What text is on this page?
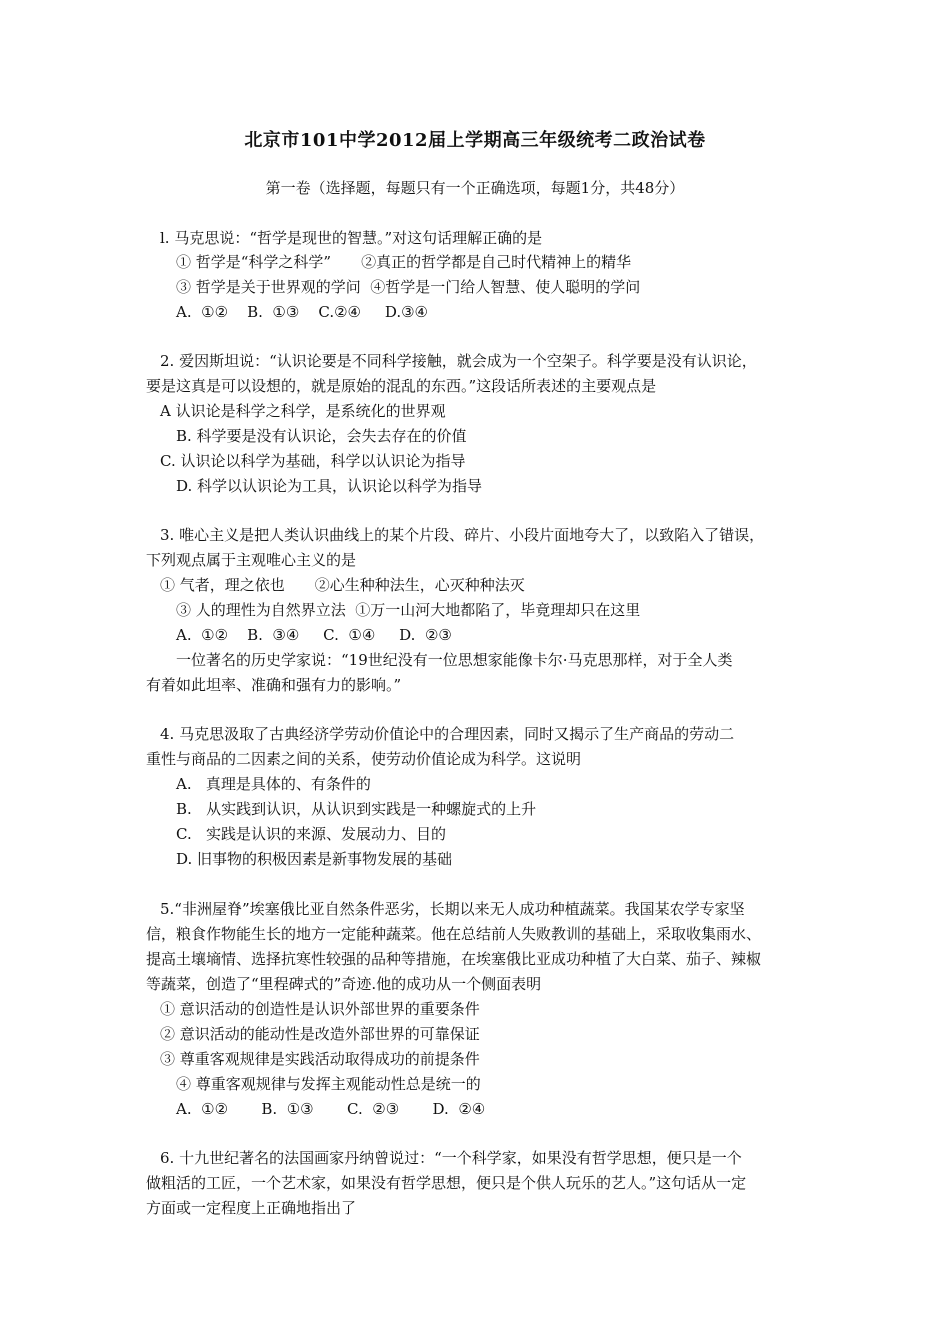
北京市101中学2012届上学期高三年级统考二政治试卷
第一卷（选择题，每题只有一个正确选项，每题1分，共48分）
l. 马克思说：“哲学是现世的智慧。”对这句话理解正确的是
① 哲学是“科学之科学”　　②真正的哲学都是自己时代精神上的精华
③ 哲学是关于世界观的学问  ④哲学是一门给人智慧、使人聪明的学问
A.  ①②    B.  ①③    C.②④     D.③④
2. 爱因斯坦说：“认识论要是不同科学接触，就会成为一个空架子。科学要是没有认识论，
要是这真是可以设想的，就是原始的混乱的东西。”这段话所表述的主要观点是
A 认识论是科学之科学，是系统化的世界观
B. 科学要是没有认识论，会失去存在的价值
C. 认识论以科学为基础，科学以认识论为指导
D. 科学以认识论为工具，认识论以科学为指导
3. 唯心主义是把人类认识曲线上的某个片段、碎片、小段片面地夸大了，以致陷入了错误，
下列观点属于主观唯心主义的是
① 气者，理之依也　　②心生种种法生，心灭种种法灭
③ 人的理性为自然界立法  ①万一山河大地都陷了，毕竟理却只在这里
A.  ①②    B.  ③④     C.  ①④     D.  ②③
一位著名的历史学家说：“19世纪没有一位思想家能像卡尔·马克思那样，对于全人类
有着如此坦率、准确和强有力的影响。”
4. 马克思汲取了古典经济学劳动价值论中的合理因素，同时又揭示了生产商品的劳动二
重性与商品的二因素之间的关系，使劳动价值论成为科学。这说明
A.   真理是具体的、有条件的
B.   从实践到认识，从认识到实践是一种螺旋式的上升
C.   实践是认识的来源、发展动力、目的
D. 旧事物的积极因素是新事物发展的基础
5.“非洲屋脊”埃塞俄比亚自然条件恶劣，长期以来无人成功种植蔬菜。我国某农学专家坚
信，粮食作物能生长的地方一定能种蔬菜。他在总结前人失败教训的基础上，采取收集雨水、
提高土壤墒情、选择抗寒性较强的品种等措施，在埃塞俄比亚成功种植了大白菜、茄子、辣椒
等蔬菜，创造了“里程碑式的”奇迹.他的成功从一个侧面表明
① 意识活动的创造性是认识外部世界的重要条件
② 意识活动的能动性是改造外部世界的可靠保证
③ 尊重客观规律是实践活动取得成功的前提条件
④ 尊重客观规律与发挥主观能动性总是统一的
A.  ①②       B.  ①③       C.  ②③       D.  ②④
6. 十九世纪著名的法国画家丹纳曾说过：“一个科学家，如果没有哲学思想，便只是一个
做粗活的工匠，一个艺术家，如果没有哲学思想，便只是个供人玩乐的艺人。”这句话从一定
方面或一定程度上正确地指出了
